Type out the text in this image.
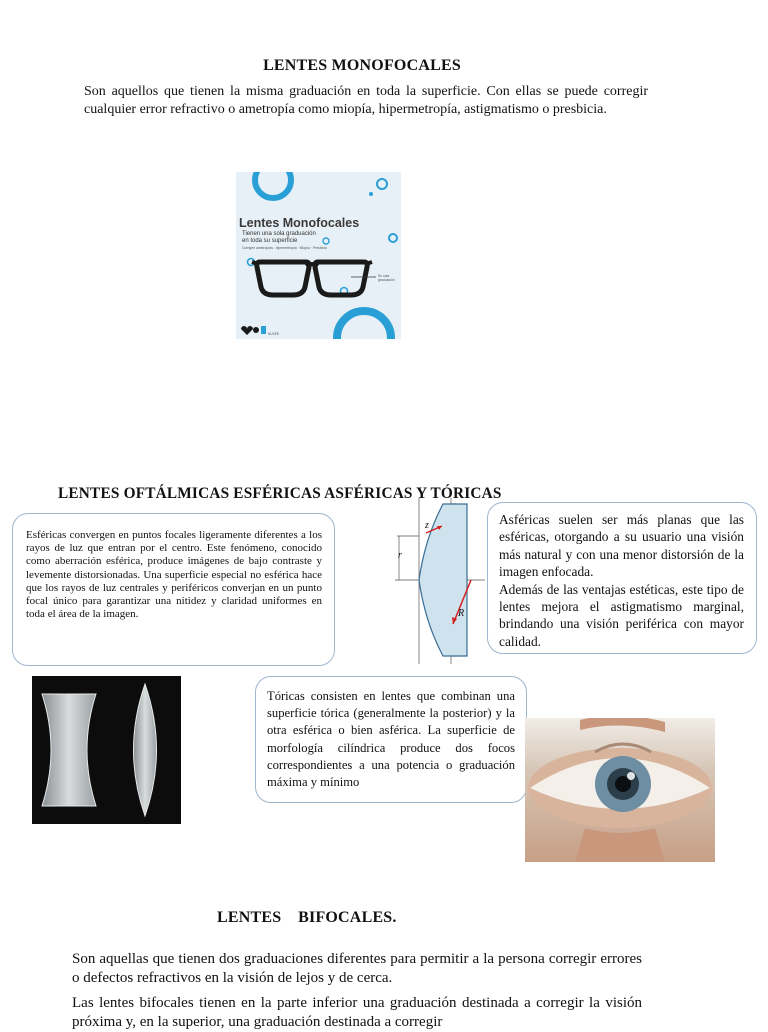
LENTES MONOFOCALES
Son aquellos que tienen la misma graduación en toda la superficie. Con ellas se puede corregir cualquier error refractivo o ametropía como miopía, hipermetropía, astigmatismo o presbicia.
Lentes Monofocales
Tienen una sola graduación
en toda su superficie
Corrigen ametropías : hipermetropía · Miopía · Presbicia
Su sola graduación
NUVEE
LENTES OFTÁLMICAS ESFÉRICAS ASFÉRICAS Y TÓRICAS
Esféricas convergen en puntos focales ligeramente diferentes a los rayos de luz que entran por el centro. Este fenómeno, conocido como aberración esférica, produce imágenes de bajo contraste y levemente distorsionadas. Una superficie especial no esférica hace que los rayos de luz centrales y periféricos converjan en un punto focal único para garantizar una nitidez y claridad uniformes en toda el área de la imagen.
z
r
R
Asféricas suelen ser más planas que las esféricas, otorgando a su usuario una visión más natural y con una menor distorsión de la imagen enfocada.
Además de las ventajas estéticas, este tipo de lentes mejora el astigmatismo marginal, brindando una visión periférica con mayor calidad.
Tóricas consisten en lentes que combinan una superficie tórica (generalmente la posterior) y la otra esférica o bien asférica. La superficie de morfología cilíndrica produce dos focos correspondientes a una potencia o graduación máxima y mínimo
LENTES    BIFOCALES.
Son aquellas que tienen dos graduaciones diferentes para permitir a la persona corregir errores o defectos refractivos en la visión de lejos y de cerca.
Las lentes bifocales tienen en la parte inferior una graduación destinada a corregir la visión próxima y, en la superior, una graduación destinada a corregir
